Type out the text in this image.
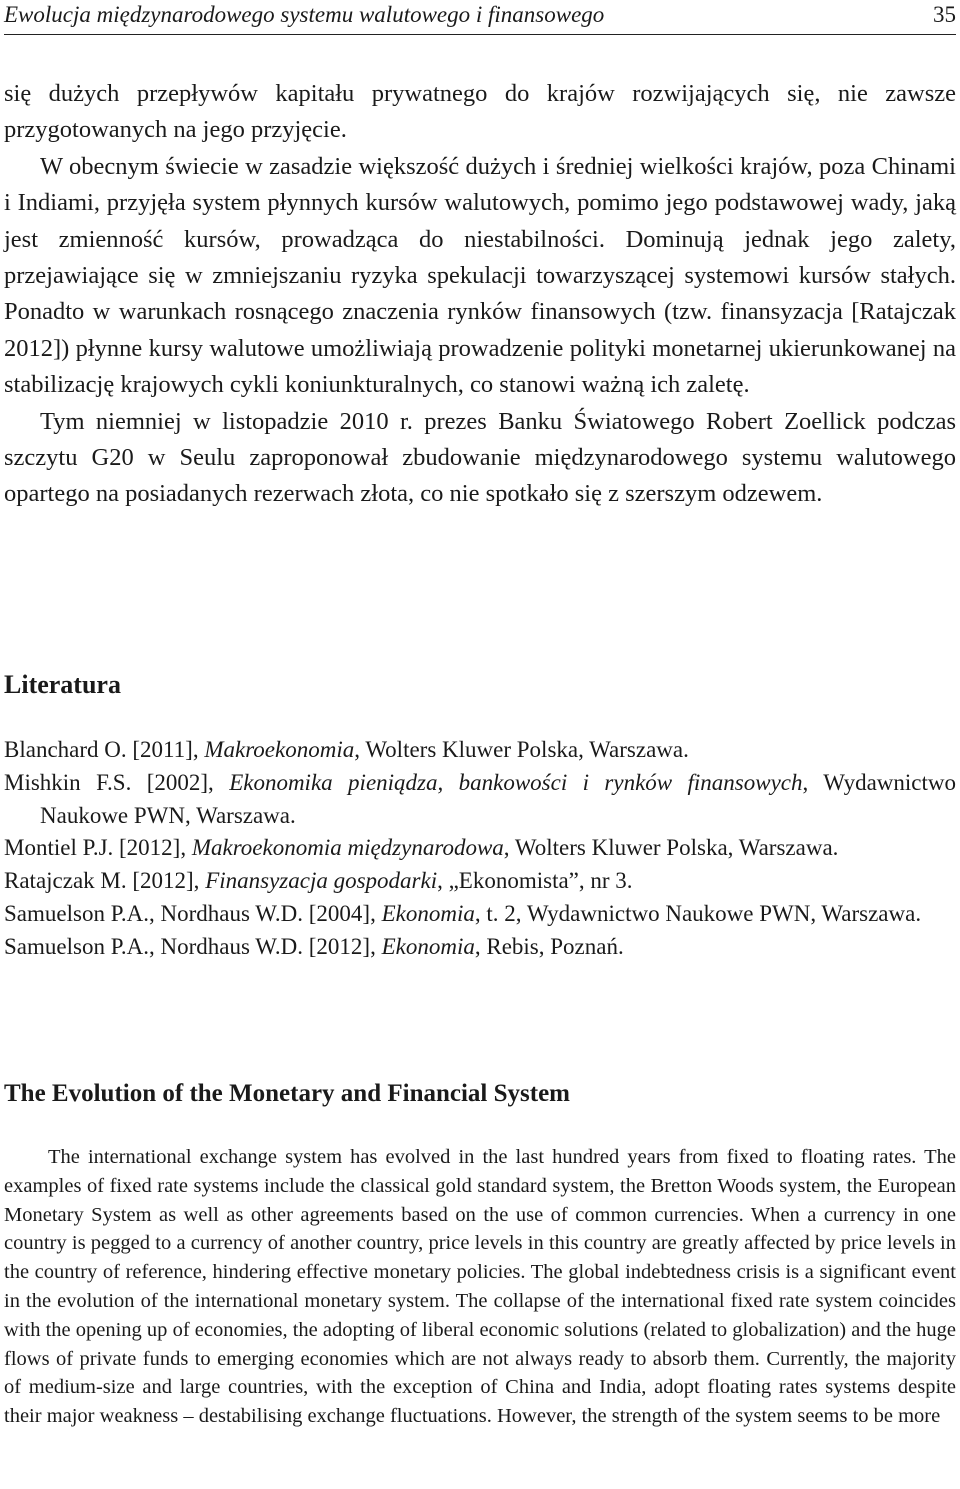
Ewolucja międzynarodowego systemu walutowego i finansowego	35

się dużych przepływów kapitału prywatnego do krajów rozwijających się, nie zawsze przygotowanych na jego przyjęcie.

W obecnym świecie w zasadzie większość dużych i średniej wielkości krajów, poza Chinami i Indiami, przyjęła system płynnych kursów walutowych, pomimo jego podstawowej wady, jaką jest zmienność kursów, prowadząca do niestabilności. Dominują jednak jego zalety, przejawiające się w zmniejszaniu ryzyka spekulacji towarzyszącej systemowi kursów stałych. Ponadto w warunkach rosnącego znaczenia rynków finansowych (tzw. finansyzacja [Ratajczak 2012]) płynne kursy walutowe umożliwiają prowadzenie polityki monetarnej ukierunkowanej na stabilizację krajowych cykli koniunkturalnych, co stanowi ważną ich zaletę.

Tym niemniej w listopadzie 2010 r. prezes Banku Światowego Robert Zoellick podczas szczytu G20 w Seulu zaproponował zbudowanie międzynarodowego systemu walutowego opartego na posiadanych rezerwach złota, co nie spotkało się z szerszym odzewem.

Literatura

Blanchard O. [2011], Makroekonomia, Wolters Kluwer Polska, Warszawa.

Mishkin F.S. [2002], Ekonomika pieniądza, bankowości i rynków finansowych, Wydawnictwo Naukowe PWN, Warszawa.

Montiel P.J. [2012], Makroekonomia międzynarodowa, Wolters Kluwer Polska, Warszawa.

Ratajczak M. [2012], Finansyzacja gospodarki, „Ekonomista”, nr 3.

Samuelson P.A., Nordhaus W.D. [2004], Ekonomia, t. 2, Wydawnictwo Naukowe PWN, Warszawa.

Samuelson P.A., Nordhaus W.D. [2012], Ekonomia, Rebis, Poznań.

The Evolution of the Monetary and Financial System

The international exchange system has evolved in the last hundred years from fixed to floating rates. The examples of fixed rate systems include the classical gold standard system, the Bretton Woods system, the European Monetary System as well as other agreements based on the use of common currencies. When a currency in one country is pegged to a currency of another country, price levels in this country are greatly affected by price levels in the country of reference, hindering effective monetary policies. The global indebtedness crisis is a significant event in the evolution of the international monetary system. The collapse of the international fixed rate system coincides with the opening up of economies, the adopting of liberal economic solutions (related to globalization) and the huge flows of private funds to emerging economies which are not always ready to absorb them. Currently, the majority of medium-size and large countries, with the exception of China and India, adopt floating rates systems despite their major weakness – destabilising exchange fluctuations. However, the strength of the system seems to be more
